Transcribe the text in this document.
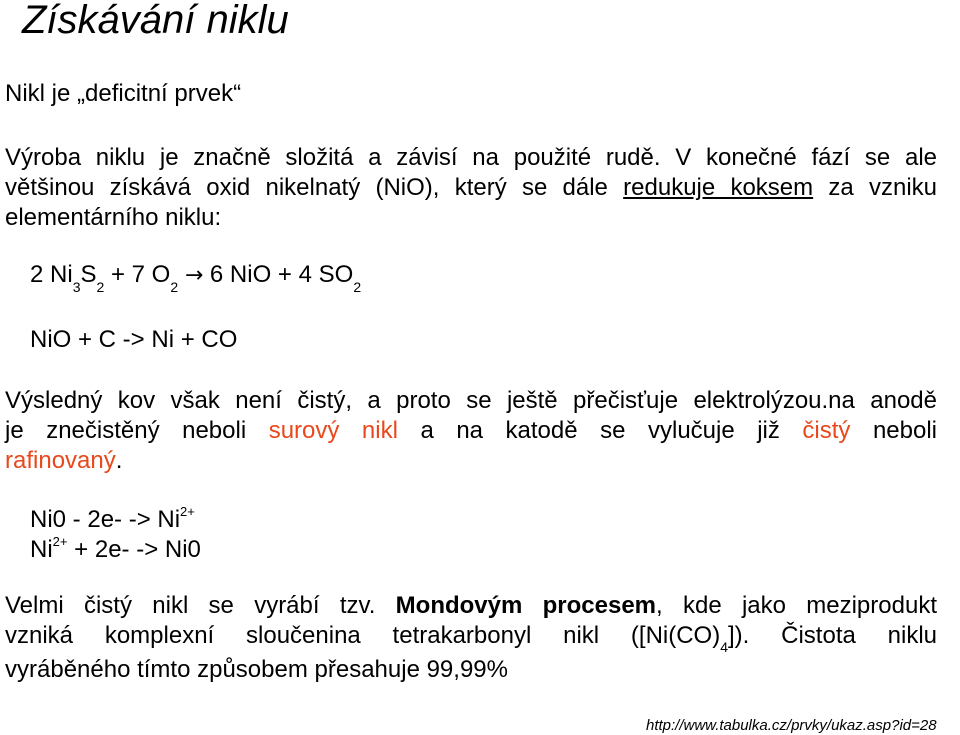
Získávání niklu
Nikl je „deficitní prvek“
Výroba niklu je značně složitá a závisí na použité rudě. V konečné fází se ale
většinou získává oxid nikelnatý (NiO), který se dále redukuje koksem za vzniku
elementárního niklu:
2 $Ni_3S_2 + 7$ $O_2 \to 6$ NiO + 4 $SO_2$
NiO + C -> Ni + CO
Výsledný kov však není čistý, a proto se ještě přečisťuje elektrolýzou.na anodě
je znečistěný neboli surový nikl a na katodě se vylučuje již čistý neboli
rafinovaný.
$Ni0 - 2e- -> Ni^{2+}$
$Ni^{2+} + 2e- -> Ni0$
Velmi čistý nikl se vyrábí tzv. Mondovým procesem, kde jako meziprodukt
vzniká komplexní sloučenina tetrakarbonyl nikl $([Ni(CO)_4])$. Čistota niklu
vyráběného tímto způsobem přesahuje 99,99%
http://www.tabulka.cz/prvky/ukaz.asp?id=28
